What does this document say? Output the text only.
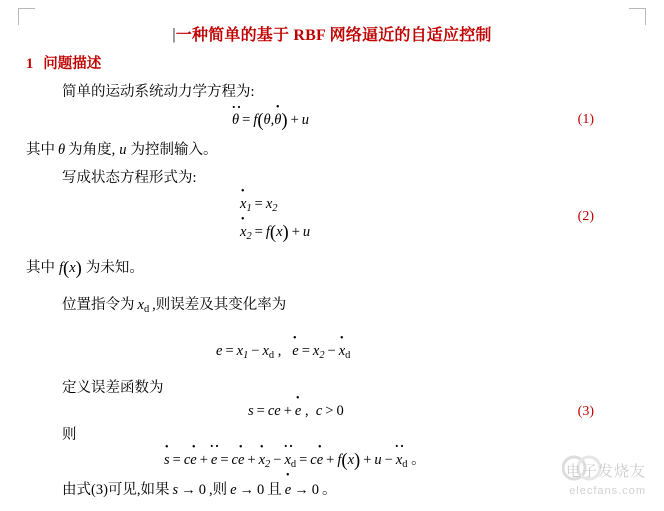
|一种简单的基于 RBF 网络逼近的自适应控制
1 问题描述
简单的运动系统动力学方程为:
θ ·· = f(θ,θ ·) + u	(1)
其中 θ 为角度, u 为控制输入。
写成状态方程形式为:
$x \cdot_1 = x_2$
$x \cdot_2 = f(x) + u$
(2)
其中 f(x) 为未知。
位置指令为 $x_d$ ,则误差及其变化率为
$e = x_1 - x_d$ ,   e · = $x_2 - x \cdot_d$
定义误差函数为
s = ce + e · ,  c > 0	(3)
则
s · = ce · + e ·· = ce · + $x \cdot_2 - x \cdot\cdot_d$ = ce · + $f(x) + u - x \cdot\cdot_d$ 。
由式(3)可见,如果 s → 0 ,则 e → 0 且 e · → 0 。
电子发烧友
elecfans.com
